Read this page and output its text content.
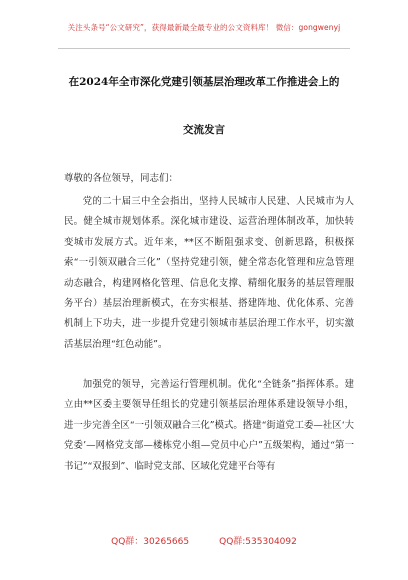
关注头条号“公文研究”，获得最新最全最专业的公文资料库！ 微信：gongwenyj
在2024年全市深化党建引领基层治理改革工作推进会上的
交流发言
尊敬的各位领导，同志们：

党的二十届三中全会指出，坚持人民城市人民建、人民城市为人民。健全城市规划体系。深化城市建设、运营治理体制改革，加快转变城市发展方式。近年来，**区不断阻强求变、创新思路，积极探索“一引领双融合三化”（坚持党建引领，健全常态化管理和应急管理动态融合，构建网格化管理、信息化支撑、精细化服务的基层管理服务平台）基层治理新模式，在夯实根基、搭建阵地、优化体系、完善机制上下功夫，进一步提升党建引领城市基层治理工作水平，切实激活基层治理“红色动能”。

加强党的领导，完善运行管理机制。优化“全链条”指挥体系。建立由**区委主要领导任组长的党建引领基层治理体系建设领导小组，进一步完善全区“一引领双融合三化”模式。搭建“街道党工委—社区‘大党委’—网格党支部—楼栋党小组—党员中心户”五级架构，通过“第一书记”“双报到”、临时党支部、区域化党建平台等有

QQ群：30265665	QQ群:535304092
